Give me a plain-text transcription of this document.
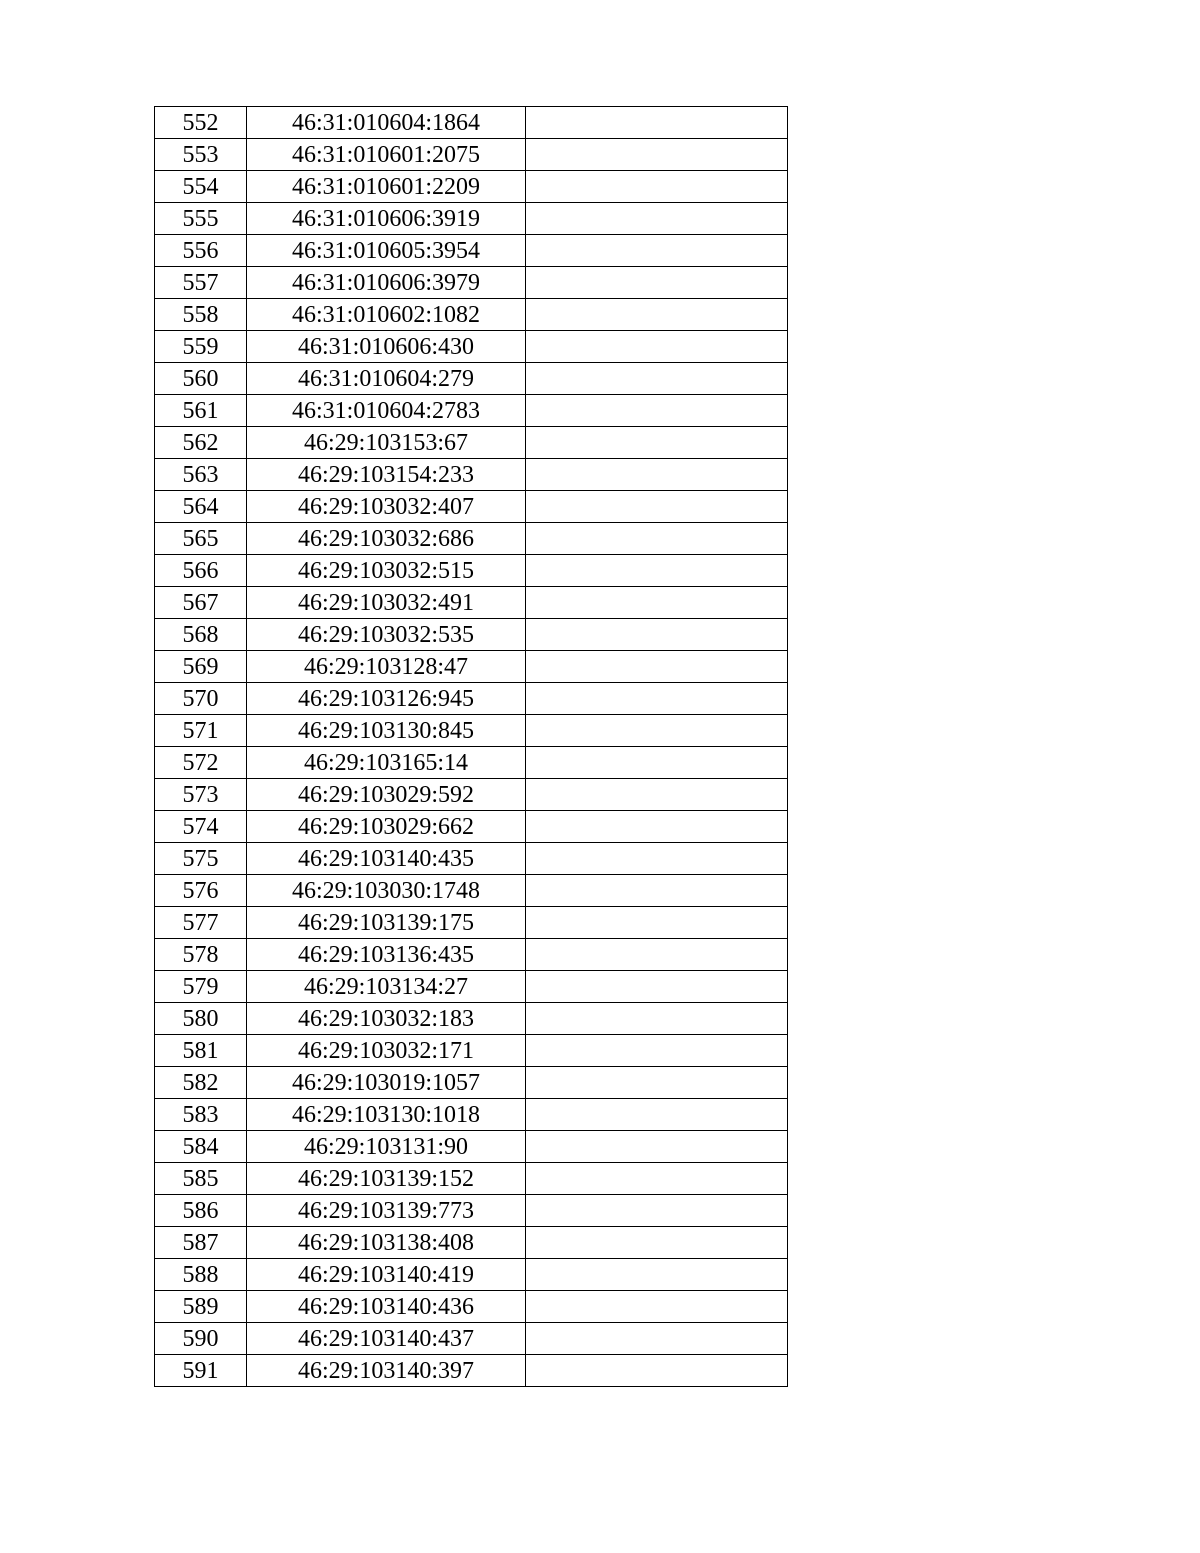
552	46:31:010604:1864	
553	46:31:010601:2075	
554	46:31:010601:2209	
555	46:31:010606:3919	
556	46:31:010605:3954	
557	46:31:010606:3979	
558	46:31:010602:1082	
559	46:31:010606:430	
560	46:31:010604:279	
561	46:31:010604:2783	
562	46:29:103153:67	
563	46:29:103154:233	
564	46:29:103032:407	
565	46:29:103032:686	
566	46:29:103032:515	
567	46:29:103032:491	
568	46:29:103032:535	
569	46:29:103128:47	
570	46:29:103126:945	
571	46:29:103130:845	
572	46:29:103165:14	
573	46:29:103029:592	
574	46:29:103029:662	
575	46:29:103140:435	
576	46:29:103030:1748	
577	46:29:103139:175	
578	46:29:103136:435	
579	46:29:103134:27	
580	46:29:103032:183	
581	46:29:103032:171	
582	46:29:103019:1057	
583	46:29:103130:1018	
584	46:29:103131:90	
585	46:29:103139:152	
586	46:29:103139:773	
587	46:29:103138:408	
588	46:29:103140:419	
589	46:29:103140:436	
590	46:29:103140:437	
591	46:29:103140:397	
